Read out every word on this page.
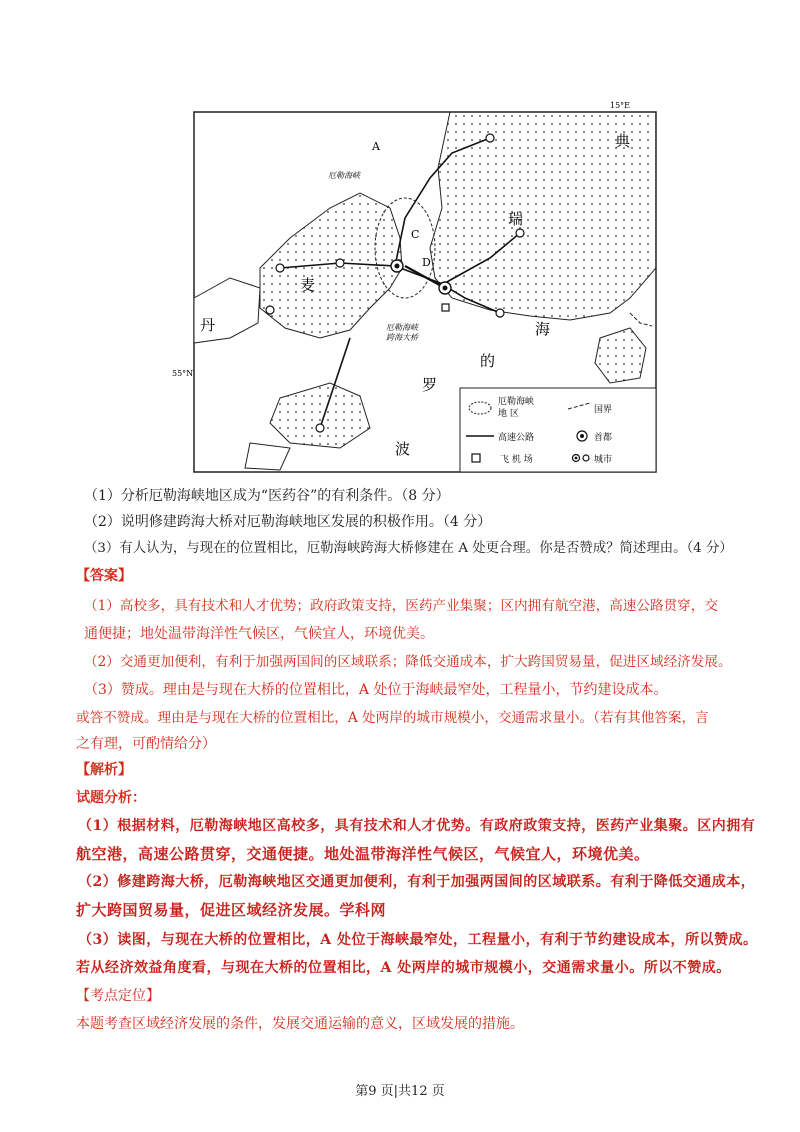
15°E
55°N
A
C
D
厄勒海峡
厄勒海峡跨海大桥
典
瑞
麦
丹	海
的
罗
波
厄勒海峡
地 区	国界
高速公路	首都
飞 机 场	城市
（1）分析厄勒海峡地区成为“医药谷”的有利条件。（8 分）
（2）说明修建跨海大桥对厄勒海峡地区发展的积极作用。（4 分）
（3）有人认为，与现在的位置相比，厄勒海峡跨海大桥修建在 A 处更合理。你是否赞成？简述理由。（4 分）
【答案】
（1）高校多，具有技术和人才优势；政府政策支持，医药产业集聚；区内拥有航空港，高速公路贯穿，交
通便捷；地处温带海洋性气候区，气候宜人，环境优美。
（2）交通更加便利，有利于加强两国间的区域联系；降低交通成本，扩大跨国贸易量，促进区域经济发展。
（3）赞成。理由是与现在大桥的位置相比，A 处位于海峡最窄处，工程量小，节约建设成本。
或答不赞成。理由是与现在大桥的位置相比，A 处两岸的城市规模小，交通需求量小。（若有其他答案，言
之有理，可酌情给分）
【解析】
试题分析：
（1）根据材料，厄勒海峡地区高校多，具有技术和人才优势。有政府政策支持，医药产业集聚。区内拥有
航空港，高速公路贯穿，交通便捷。地处温带海洋性气候区，气候宜人，环境优美。
（2）修建跨海大桥，厄勒海峡地区交通更加便利，有利于加强两国间的区域联系。有利于降低交通成本，
扩大跨国贸易量，促进区域经济发展。学科网
（3）读图，与现在大桥的位置相比，A 处位于海峡最窄处，工程量小，有利于节约建设成本，所以赞成。
若从经济效益角度看，与现在大桥的位置相比，A 处两岸的城市规模小，交通需求量小。所以不赞成。
【考点定位】
本题考查区域经济发展的条件，发展交通运输的意义，区域发展的措施。
第9 页|共12 页
